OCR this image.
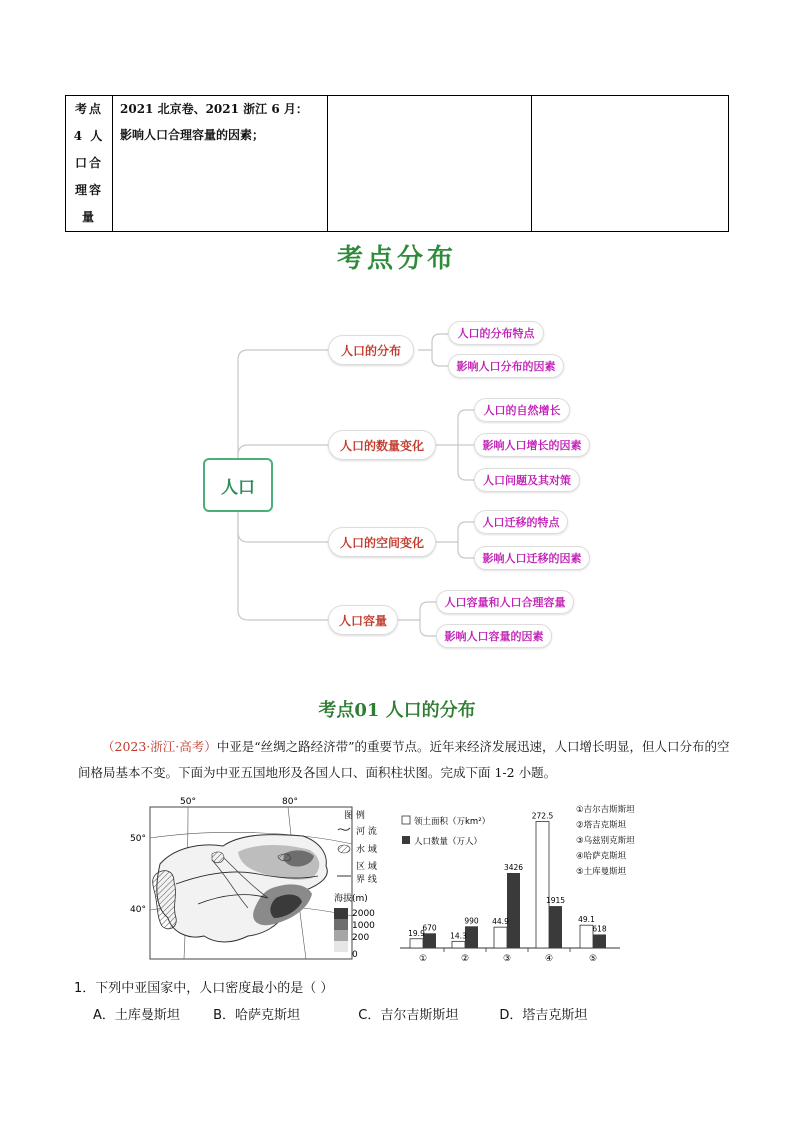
考点
4 人
口合
理容
量

2021 北京卷、2021 浙江 6 月：
影响人口合理容量的因素；

考点分布
人口
人口的分布
人口的分布特点
影响人口分布的因素
人口的数量变化
人口的自然增长
影响人口增长的因素
人口问题及其对策
人口的空间变化
人口迁移的特点
影响人口迁移的因素
人口容量
人口容量和人口合理容量
影响人口容量的因素
考点01 人口的分布
（2023·浙江·高考）中亚是“丝绸之路经济带”的重要节点。近年来经济发展迅速，人口增长明显，但人口分布的空间格局基本不变。下面为中亚五国地形及各国人口、面积柱状图。完成下面 1-2 小题。
50°	80°
50°
40°
图 例
河 流
水 域
区 域
界 线
海拔(m)
2000
1000
200
0
领土面积（万km²）
人口数量（万人）
①吉尔吉斯斯坦
②塔吉克斯坦
③乌兹别克斯坦
④哈萨克斯坦
⑤土库曼斯坦
19.9
670
①
14.3
990
②
44.9
3426
③
272.5
1915
④
49.1
618
⑤
1．下列中亚国家中，人口密度最小的是（ ）
A．土库曼斯坦	B．哈萨克斯坦	C．吉尔吉斯斯坦	D．塔吉克斯坦
